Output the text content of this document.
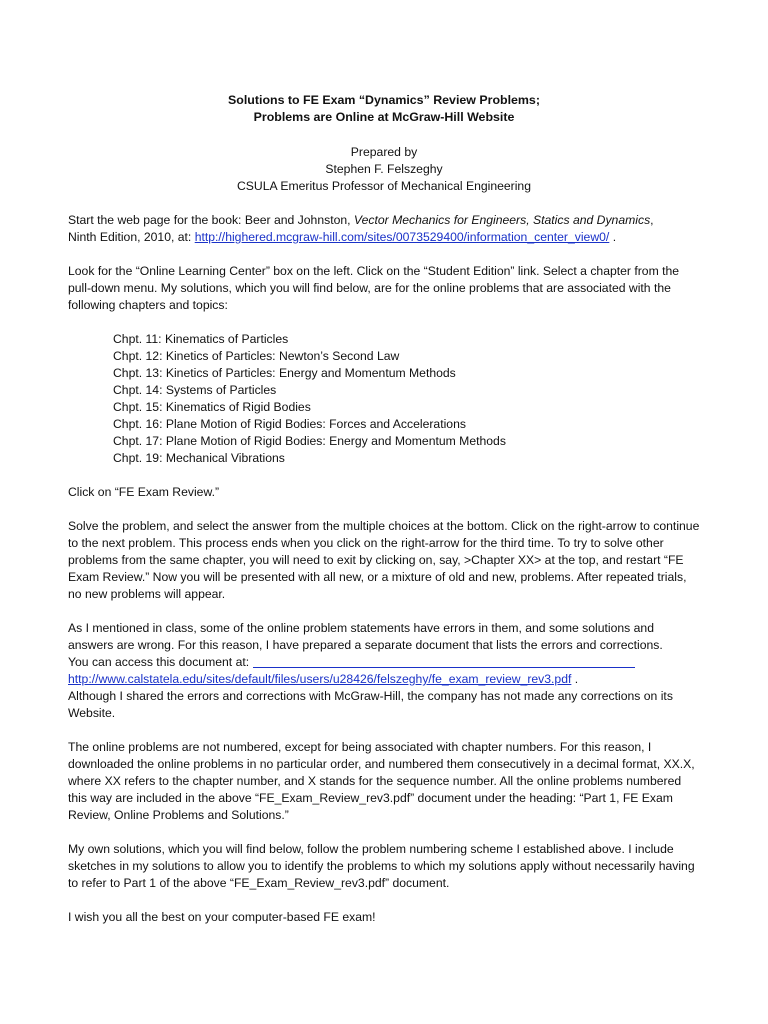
Solutions to FE Exam “Dynamics” Review Problems;
Problems are Online at McGraw-Hill Website
Prepared by
Stephen F. Felszeghy
CSULA Emeritus Professor of Mechanical Engineering
Start the web page for the book: Beer and Johnston, Vector Mechanics for Engineers, Statics and Dynamics,
Ninth Edition, 2010, at: http://highered.mcgraw-hill.com/sites/0073529400/information_center_view0/ .
Look for the “Online Learning Center” box on the left. Click on the “Student Edition” link. Select a chapter from the pull-down menu. My solutions, which you will find below, are for the online problems that are associated with the following chapters and topics:
Chpt. 11: Kinematics of Particles
Chpt. 12: Kinetics of Particles: Newton’s Second Law
Chpt. 13: Kinetics of Particles: Energy and Momentum Methods
Chpt. 14: Systems of Particles
Chpt. 15: Kinematics of Rigid Bodies
Chpt. 16: Plane Motion of Rigid Bodies: Forces and Accelerations
Chpt. 17: Plane Motion of Rigid Bodies: Energy and Momentum Methods
Chpt. 19: Mechanical Vibrations
Click on “FE Exam Review.”
Solve the problem, and select the answer from the multiple choices at the bottom. Click on the right-arrow to continue to the next problem. This process ends when you click on the right-arrow for the third time. To try to solve other problems from the same chapter, you will need to exit by clicking on, say, >Chapter XX> at the top, and restart “FE Exam Review.” Now you will be presented with all new, or a mixture of old and new, problems. After repeated trials, no new problems will appear.
As I mentioned in class, some of the online problem statements have errors in them, and some solutions and answers are wrong. For this reason, I have prepared a separate document that lists the errors and corrections.
You can access this document at:
http://www.calstatela.edu/sites/default/files/users/u28426/felszeghy/fe_exam_review_rev3.pdf .
Although I shared the errors and corrections with McGraw-Hill, the company has not made any corrections on its Website.
The online problems are not numbered, except for being associated with chapter numbers. For this reason, I downloaded the online problems in no particular order, and numbered them consecutively in a decimal format, XX.X, where XX refers to the chapter number, and X stands for the sequence number. All the online problems numbered this way are included in the above “FE_Exam_Review_rev3.pdf” document under the heading: “Part 1, FE Exam Review, Online Problems and Solutions.”
My own solutions, which you will find below, follow the problem numbering scheme I established above. I include sketches in my solutions to allow you to identify the problems to which my solutions apply without necessarily having to refer to Part 1 of the above “FE_Exam_Review_rev3.pdf” document.
I wish you all the best on your computer-based FE exam!
